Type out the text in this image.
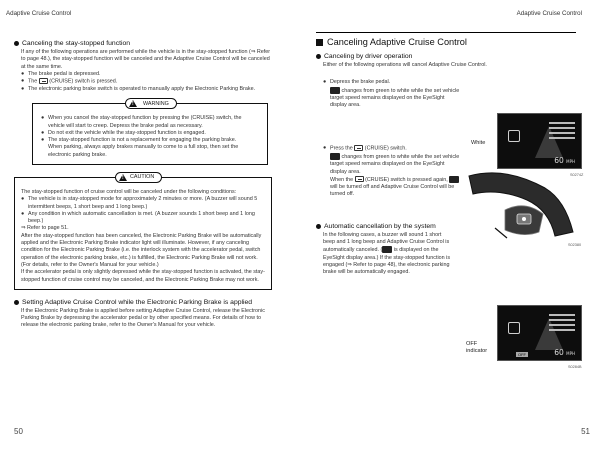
Adaptive Cruise Control	Adaptive Cruise Control
Canceling the stay-stopped function
If any of the following operations are performed while the vehicle is in the stay-stopped function (⇒ Refer to page 48.), the stay-stopped function will be canceled and the Adaptive Cruise Control will be canceled at the same time.
● The brake pedal is depressed.
● The (CRUISE) switch is pressed.
● The electronic parking brake switch is operated to manually apply the Electronic Parking Brake.
!
WARNING
● When you cancel the stay-stopped function by pressing the (CRUISE) switch, the vehicle will start to creep. Depress the brake pedal as necessary.
● Do not exit the vehicle while the stay-stopped function is engaged.
● The stay-stopped function is not a replacement for engaging the parking brake.
When parking, always apply brakes manually to come to a full stop, then set the electronic parking brake.
!
CAUTION
The stay-stopped function of cruise control will be canceled under the following conditions:
● The vehicle is in stay-stopped mode for approximately 2 minutes or more. (A buzzer will sound 5 intermittent beeps, 1 short beep and 1 long beep.)
● Any condition in which automatic cancellation is met. (A buzzer sounds 1 short beep and 1 long beep.)
⇒ Refer to page 51.
After the stay-stopped function has been canceled, the Electronic Parking Brake will be automatically applied and the Electronic Parking Brake indicator light will illuminate. However, if any canceling condition for the Electronic Parking Brake (i.e. the interlock system with the accelerator pedal, switch operation of the electronic parking brake, etc.) is fulfilled, the Electronic Parking Brake will not work. (For details, refer to the Owner's Manual for your vehicle.)
If the accelerator pedal is only slightly depressed while the stay-stopped function is activated, the stay-stopped function of cruise control may be canceled, and the Electronic Parking Brake may not work.
Setting Adaptive Cruise Control while the Electronic Parking Brake is applied
If the Electronic Parking Brake is applied before setting Adaptive Cruise Control, release the Electronic Parking Brake by depressing the accelerator pedal or by other specified means. For details of how to release the electronic parking brake, refer to the Owner's Manual for your vehicle.
Canceling Adaptive Cruise Control
Canceling by driver operation
Either of the following operations will cancel Adaptive Cruise Control.
● Depress the brake pedal.
changes from green to white while the set vehicle target speed remains displayed on the EyeSight display area.
● Press the (CRUISE) switch.
changes from green to white while the set vehicle target speed remains displayed on the EyeSight display area.
When the (CRUISE) switch is pressed again,  will be turned off and Adaptive Cruise Control will be turned off.
Automatic cancellation by the system
In the following cases, a buzzer will sound 1 short beep and 1 long beep and Adaptive Cruise Control is automatically canceled.	is displayed on the EyeSight display area.) If the stay-stopped function is engaged (⇒ Refer to page 48), the electronic parking brake will be automatically engaged.
60 MPH
White
S0274Z
S02380
OFF	60 MPH
OFF indicator
S0284B
50	51
